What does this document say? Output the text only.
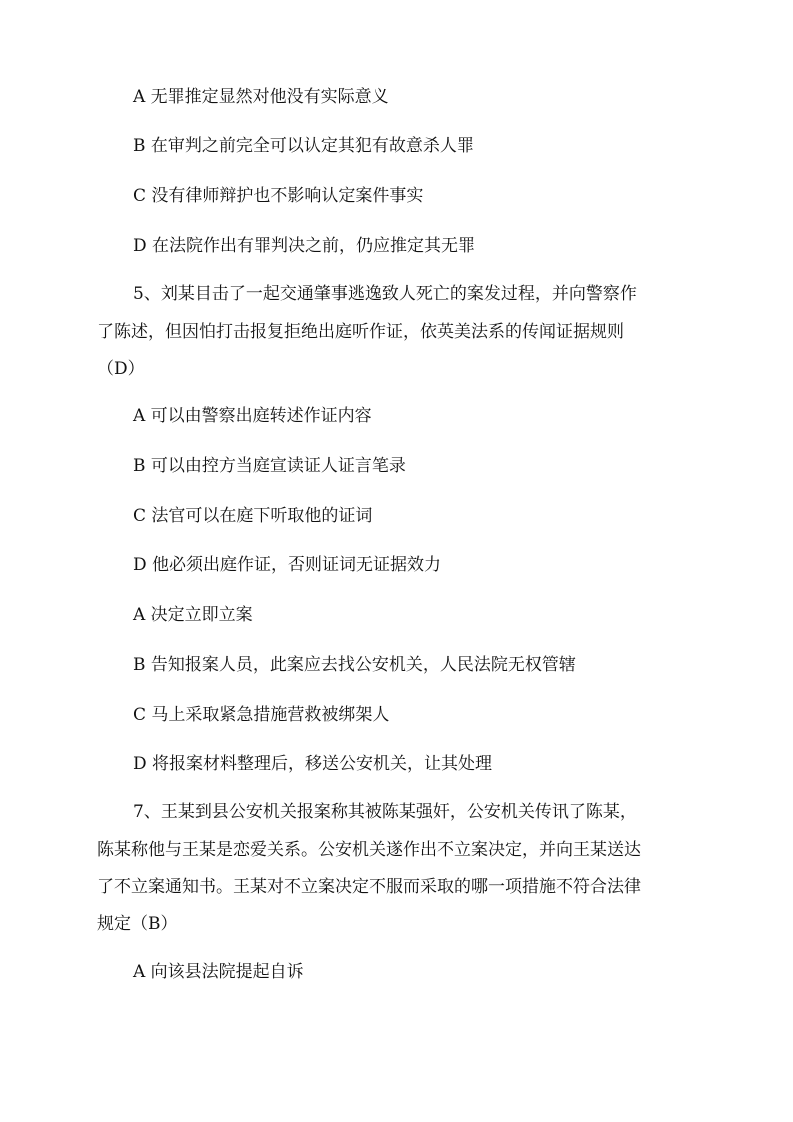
A 无罪推定显然对他没有实际意义
B 在审判之前完全可以认定其犯有故意杀人罪
C 没有律师辩护也不影响认定案件事实
D 在法院作出有罪判决之前，仍应推定其无罪
5、刘某目击了一起交通肇事逃逸致人死亡的案发过程，并向警察作
了陈述，但因怕打击报复拒绝出庭听作证，依英美法系的传闻证据规则
（D）
A 可以由警察出庭转述作证内容
B 可以由控方当庭宣读证人证言笔录
C 法官可以在庭下听取他的证词
D 他必须出庭作证，否则证词无证据效力
A 决定立即立案
B 告知报案人员，此案应去找公安机关，人民法院无权管辖
C 马上采取紧急措施营救被绑架人
D 将报案材料整理后，移送公安机关，让其处理
7、王某到县公安机关报案称其被陈某强奸，公安机关传讯了陈某，
陈某称他与王某是恋爱关系。公安机关遂作出不立案决定，并向王某送达
了不立案通知书。王某对不立案决定不服而采取的哪一项措施不符合法律
规定（B）
A 向该县法院提起自诉
